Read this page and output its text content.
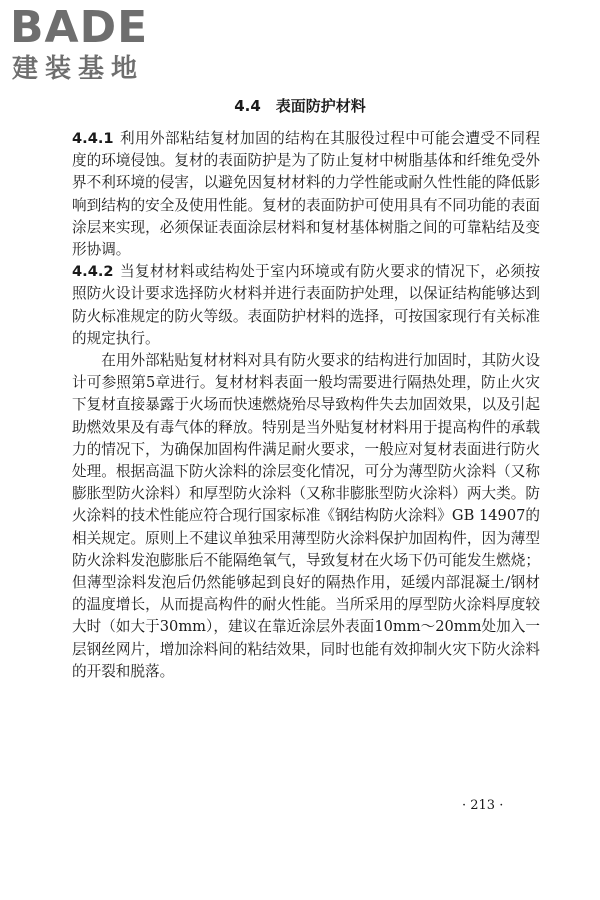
BADE
建装基地
4.4　表面防护材料

4.4.1 利用外部粘结复材加固的结构在其服役过程中可能会遭受不同程度的环境侵蚀。复材的表面防护是为了防止复材中树脂基体和纤维免受外界不利环境的侵害，以避免因复材材料的力学性能或耐久性性能的降低影响到结构的安全及使用性能。复材的表面防护可使用具有不同功能的表面涂层来实现，必须保证表面涂层材料和复材基体树脂之间的可靠粘结及变形协调。

4.4.2 当复材材料或结构处于室内环境或有防火要求的情况下，必须按照防火设计要求选择防火材料并进行表面防护处理，以保证结构能够达到防火标准规定的防火等级。表面防护材料的选择，可按国家现行有关标准的规定执行。

在用外部粘贴复材材料对具有防火要求的结构进行加固时，其防火设计可参照第5章进行。复材材料表面一般均需要进行隔热处理，防止火灾下复材直接暴露于火场而快速燃烧殆尽导致构件失去加固效果，以及引起助燃效果及有毒气体的释放。特别是当外贴复材材料用于提高构件的承载力的情况下，为确保加固构件满足耐火要求，一般应对复材表面进行防火处理。根据高温下防火涂料的涂层变化情况，可分为薄型防火涂料（又称膨胀型防火涂料）和厚型防火涂料（又称非膨胀型防火涂料）两大类。防火涂料的技术性能应符合现行国家标准《钢结构防火涂料》GB 14907的相关规定。原则上不建议单独采用薄型防火涂料保护加固构件，因为薄型防火涂料发泡膨胀后不能隔绝氧气，导致复材在火场下仍可能发生燃烧；但薄型涂料发泡后仍然能够起到良好的隔热作用，延缓内部混凝土/钢材的温度增长，从而提高构件的耐火性能。当所采用的厚型防火涂料厚度较大时（如大于30mm），建议在靠近涂层外表面10mm～20mm处加入一层钢丝网片，增加涂料间的粘结效果，同时也能有效抑制火灾下防火涂料的开裂和脱落。

· 213 ·
